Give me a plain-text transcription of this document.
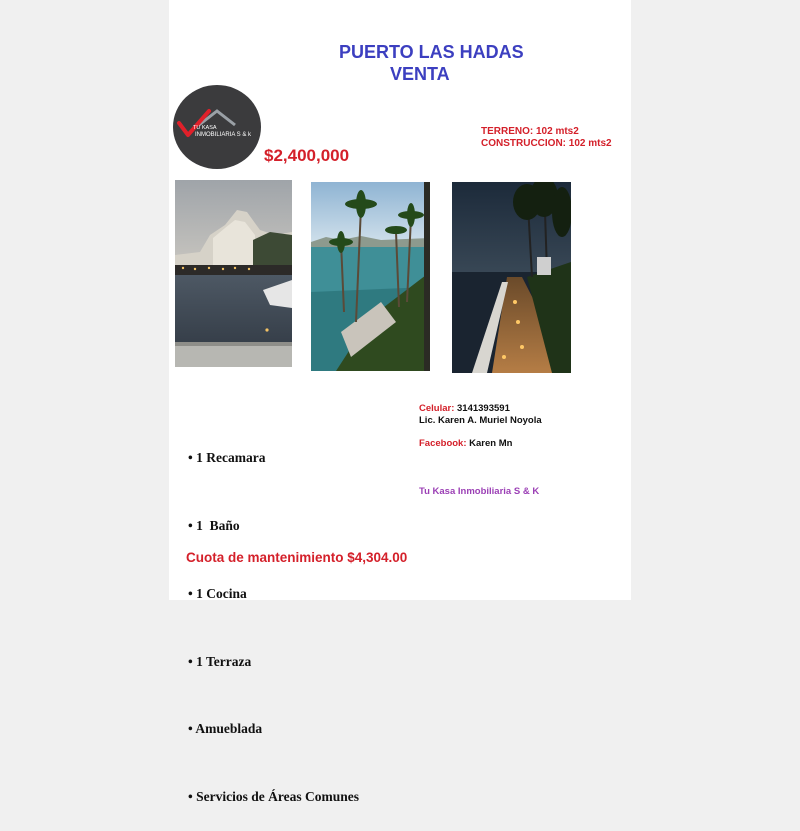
PUERTO LAS HADAS
VENTA
TU KASA
INMOBILIARIA S & k
$2,400,000
TERRENO: 102 mts2
CONSTRUCCION: 102 mts2

• 1 Recamara

• 1  Baño

• 1 Cocina

• 1 Terraza

• Amueblada

• Servicios de Áreas Comunes

Celular: 3141393591
Lic. Karen A. Muriel Noyola
Facebook: Karen Mn
Tu Kasa Inmobiliaria S & K
Cuota de mantenimiento $4,304.00
